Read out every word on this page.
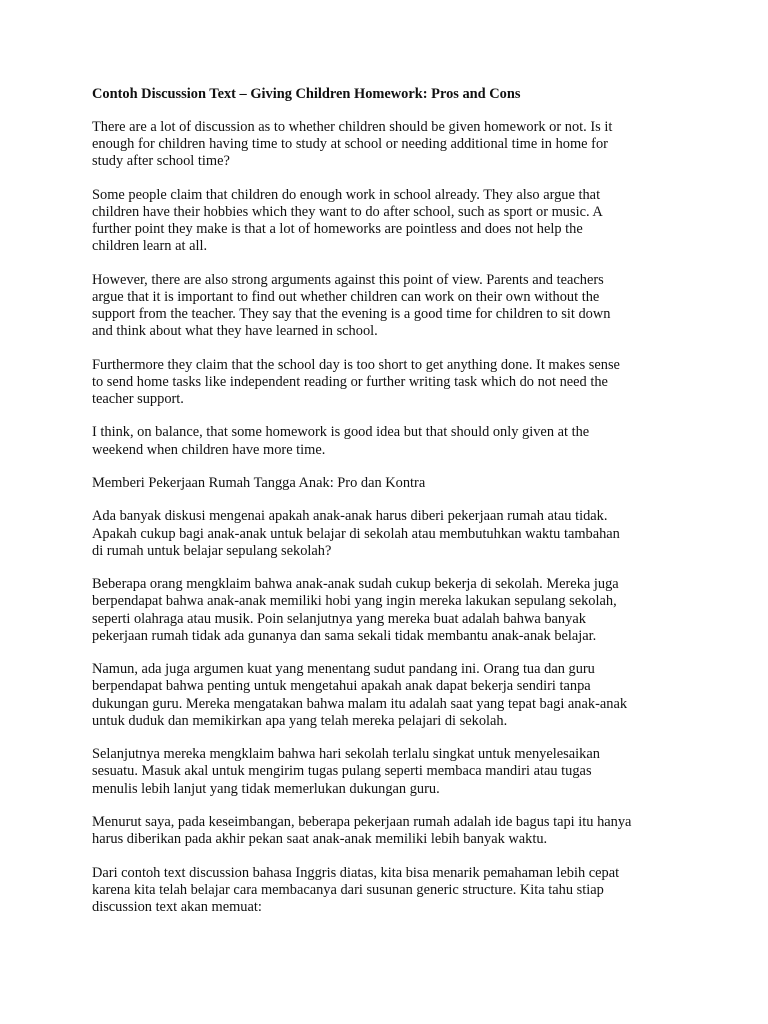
Contoh Discussion Text – Giving Children Homework: Pros and Cons
There are a lot of discussion as to whether children should be given homework or not. Is it
enough for children having time to study at school or needing additional time in home for
study after school time?
Some people claim that children do enough work in school already. They also argue that
children have their hobbies which they want to do after school, such as sport or music. A
further point they make is that a lot of homeworks are pointless and does not help the
children learn at all.
However, there are also strong arguments against this point of view. Parents and teachers
argue that it is important to find out whether children can work on their own without the
support from the teacher. They say that the evening is a good time for children to sit down
and think about what they have learned in school.
Furthermore they claim that the school day is too short to get anything done. It makes sense
to send home tasks like independent reading or further writing task which do not need the
teacher support.
I think, on balance, that some homework is good idea but that should only given at the
weekend when children have more time.
Memberi Pekerjaan Rumah Tangga Anak: Pro dan Kontra
Ada banyak diskusi mengenai apakah anak-anak harus diberi pekerjaan rumah atau tidak.
Apakah cukup bagi anak-anak untuk belajar di sekolah atau membutuhkan waktu tambahan
di rumah untuk belajar sepulang sekolah?
Beberapa orang mengklaim bahwa anak-anak sudah cukup bekerja di sekolah. Mereka juga
berpendapat bahwa anak-anak memiliki hobi yang ingin mereka lakukan sepulang sekolah,
seperti olahraga atau musik. Poin selanjutnya yang mereka buat adalah bahwa banyak
pekerjaan rumah tidak ada gunanya dan sama sekali tidak membantu anak-anak belajar.
Namun, ada juga argumen kuat yang menentang sudut pandang ini. Orang tua dan guru
berpendapat bahwa penting untuk mengetahui apakah anak dapat bekerja sendiri tanpa
dukungan guru. Mereka mengatakan bahwa malam itu adalah saat yang tepat bagi anak-anak
untuk duduk dan memikirkan apa yang telah mereka pelajari di sekolah.
Selanjutnya mereka mengklaim bahwa hari sekolah terlalu singkat untuk menyelesaikan
sesuatu. Masuk akal untuk mengirim tugas pulang seperti membaca mandiri atau tugas
menulis lebih lanjut yang tidak memerlukan dukungan guru.
Menurut saya, pada keseimbangan, beberapa pekerjaan rumah adalah ide bagus tapi itu hanya
harus diberikan pada akhir pekan saat anak-anak memiliki lebih banyak waktu.
Dari contoh text discussion bahasa Inggris diatas, kita bisa menarik pemahaman lebih cepat
karena kita telah belajar cara membacanya dari susunan generic structure. Kita tahu stiap
discussion text akan memuat:
